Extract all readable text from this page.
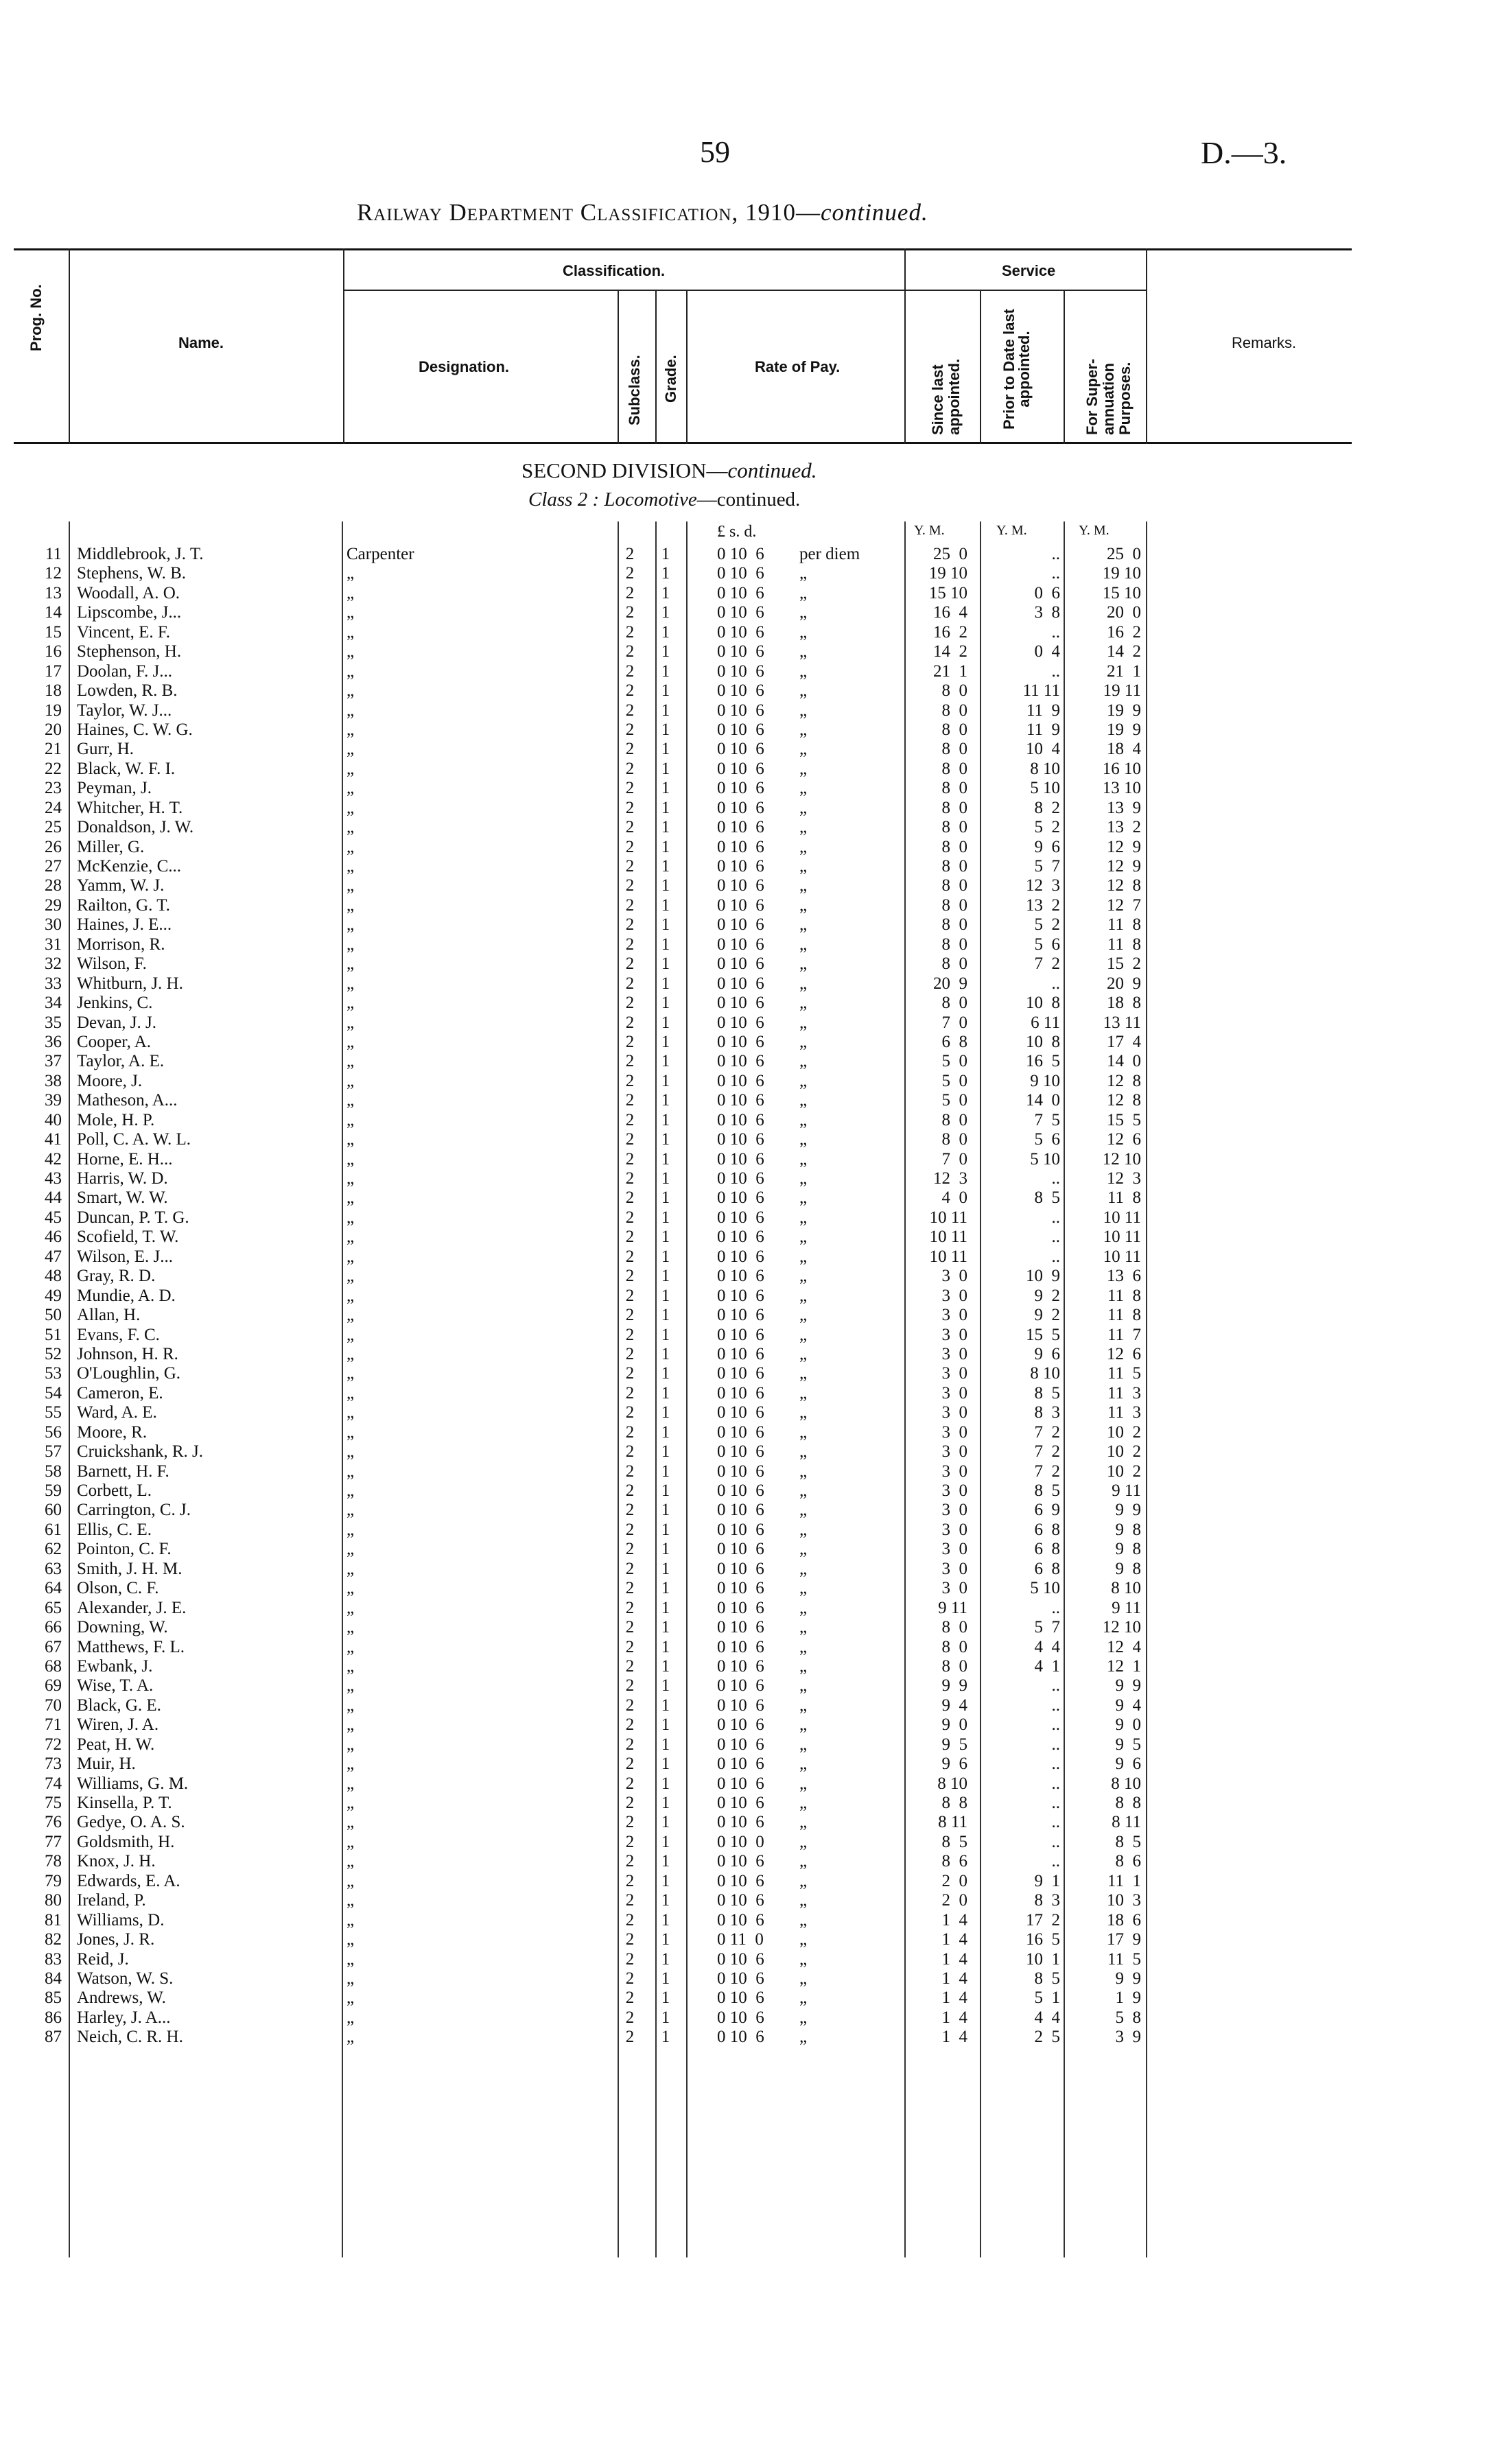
59	D.—3.
Railway Department Classification, 1910—continued.
Prog. No.	Name.
Classification.
Designation.	Subclass. Grade.	Rate of Pay.
Service
Since last appointed.	Prior to Date last appointed.	For Super- annuation Purposes.
Remarks.
SECOND DIVISION—continued.
Class 2 : Locomotive—continued.
£ s. d.	Y. M.	Y. M.	Y. M.
11 Middlebrook, J. T.	Carpenter	2	1	0 10  6 per diem	25  0	..	25  0
12 Stephens, W. B.	„	2	1	0 10  6 „	19 10	..	19 10
13 Woodall, A. O.	„	2	1	0 10  6 „	15 10	0  6	15 10
14 Lipscombe, J...	„	2	1	0 10  6 „	16  4	3  8	20  0
15 Vincent, E. F.	„	2	1	0 10  6 „	16  2	..	16  2
16 Stephenson, H.	„	2	1	0 10  6 „	14  2	0  4	14  2
17 Doolan, F. J...	„	2	1	0 10  6 „	21  1	..	21  1
18 Lowden, R. B.	„	2	1	0 10  6 „	8  0	11 11	19 11
19 Taylor, W. J...	„	2	1	0 10  6 „	8  0	11  9	19  9
20 Haines, C. W. G.	„	2	1	0 10  6 „	8  0	11  9	19  9
21 Gurr, H.	„	2	1	0 10  6 „	8  0	10  4	18  4
22 Black, W. F. I.	„	2	1	0 10  6 „	8  0	8 10	16 10
23 Peyman, J.	„	2	1	0 10  6 „	8  0	5 10	13 10
24 Whitcher, H. T.	„	2	1	0 10  6 „	8  0	8  2	13  9
25 Donaldson, J. W.	„	2	1	0 10  6 „	8  0	5  2	13  2
26 Miller, G.	„	2	1	0 10  6 „	8  0	9  6	12  9
27 McKenzie, C...	„	2	1	0 10  6 „	8  0	5  7	12  9
28 Yamm, W. J.	„	2	1	0 10  6 „	8  0	12  3	12  8
29 Railton, G. T.	„	2	1	0 10  6 „	8  0	13  2	12  7
30 Haines, J. E...	„	2	1	0 10  6 „	8  0	5  2	11  8
31 Morrison, R.	„	2	1	0 10  6 „	8  0	5  6	11  8
32 Wilson, F.	„	2	1	0 10  6 „	8  0	7  2	15  2
33 Whitburn, J. H.	„	2	1	0 10  6 „	20  9	..	20  9
34 Jenkins, C.	„	2	1	0 10  6 „	8  0	10  8	18  8
35 Devan, J. J.	„	2	1	0 10  6 „	7  0	6 11	13 11
36 Cooper, A.	„	2	1	0 10  6 „	6  8	10  8	17  4
37 Taylor, A. E.	„	2	1	0 10  6 „	5  0	16  5	14  0
38 Moore, J.	„	2	1	0 10  6 „	5  0	9 10	12  8
39 Matheson, A...	„	2	1	0 10  6 „	5  0	14  0	12  8
40 Mole, H. P.	„	2	1	0 10  6 „	8  0	7  5	15  5
41 Poll, C. A. W. L.	„	2	1	0 10  6 „	8  0	5  6	12  6
42 Horne, E. H...	„	2	1	0 10  6 „	7  0	5 10	12 10
43 Harris, W. D.	„	2	1	0 10  6 „	12  3	..	12  3
44 Smart, W. W.	„	2	1	0 10  6 „	4  0	8  5	11  8
45 Duncan, P. T. G.	„	2	1	0 10  6 „	10 11	..	10 11
46 Scofield, T. W.	„	2	1	0 10  6 „	10 11	..	10 11
47 Wilson, E. J...	„	2	1	0 10  6 „	10 11	..	10 11
48 Gray, R. D.	„	2	1	0 10  6 „	3  0	10  9	13  6
49 Mundie, A. D.	„	2	1	0 10  6 „	3  0	9  2	11  8
50 Allan, H.	„	2	1	0 10  6 „	3  0	9  2	11  8
51 Evans, F. C.	„	2	1	0 10  6 „	3  0	15  5	11  7
52 Johnson, H. R.	„	2	1	0 10  6 „	3  0	9  6	12  6
53 O'Loughlin, G.	„	2	1	0 10  6 „	3  0	8 10	11  5
54 Cameron, E.	„	2	1	0 10  6 „	3  0	8  5	11  3
55 Ward, A. E.	„	2	1	0 10  6 „	3  0	8  3	11  3
56 Moore, R.	„	2	1	0 10  6 „	3  0	7  2	10  2
57 Cruickshank, R. J.	„	2	1	0 10  6 „	3  0	7  2	10  2
58 Barnett, H. F.	„	2	1	0 10  6 „	3  0	7  2	10  2
59 Corbett, L.	„	2	1	0 10  6 „	3  0	8  5	9 11
60 Carrington, C. J.	„	2	1	0 10  6 „	3  0	6  9	9  9
61 Ellis, C. E.	„	2	1	0 10  6 „	3  0	6  8	9  8
62 Pointon, C. F.	„	2	1	0 10  6 „	3  0	6  8	9  8
63 Smith, J. H. M.	„	2	1	0 10  6 „	3  0	6  8	9  8
64 Olson, C. F.	„	2	1	0 10  6 „	3  0	5 10	8 10
65 Alexander, J. E.	„	2	1	0 10  6 „	9 11	..	9 11
66 Downing, W.	„	2	1	0 10  6 „	8  0	5  7	12 10
67 Matthews, F. L.	„	2	1	0 10  6 „	8  0	4  4	12  4
68 Ewbank, J.	„	2	1	0 10  6 „	8  0	4  1	12  1
69 Wise, T. A.	„	2	1	0 10  6 „	9  9	..	9  9
70 Black, G. E.	„	2	1	0 10  6 „	9  4	..	9  4
71 Wiren, J. A.	„	2	1	0 10  6 „	9  0	..	9  0
72 Peat, H. W.	„	2	1	0 10  6 „	9  5	..	9  5
73 Muir, H.	„	2	1	0 10  6 „	9  6	..	9  6
74 Williams, G. M.	„	2	1	0 10  6 „	8 10	..	8 10
75 Kinsella, P. T.	„	2	1	0 10  6 „	8  8	..	8  8
76 Gedye, O. A. S.	„	2	1	0 10  6 „	8 11	..	8 11
77 Goldsmith, H.	„	2	1	0 10  0 „	8  5	..	8  5
78 Knox, J. H.	„	2	1	0 10  6 „	8  6	..	8  6
79 Edwards, E. A.	„	2	1	0 10  6 „	2  0	9  1	11  1
80 Ireland, P.	„	2	1	0 10  6 „	2  0	8  3	10  3
81 Williams, D.	„	2	1	0 10  6 „	1  4	17  2	18  6
82 Jones, J. R.	„	2	1	0 11  0 „	1  4	16  5	17  9
83 Reid, J.	„	2	1	0 10  6 „	1  4	10  1	11  5
84 Watson, W. S.	„	2	1	0 10  6 „	1  4	8  5	9  9
85 Andrews, W.	„	2	1	0 10  6 „	1  4	5  1	1  9
86 Harley, J. A...	„	2	1	0 10  6 „	1  4	4  4	5  8
87 Neich, C. R. H.	„	2	1	0 10  6 „	1  4	2  5	3  9
